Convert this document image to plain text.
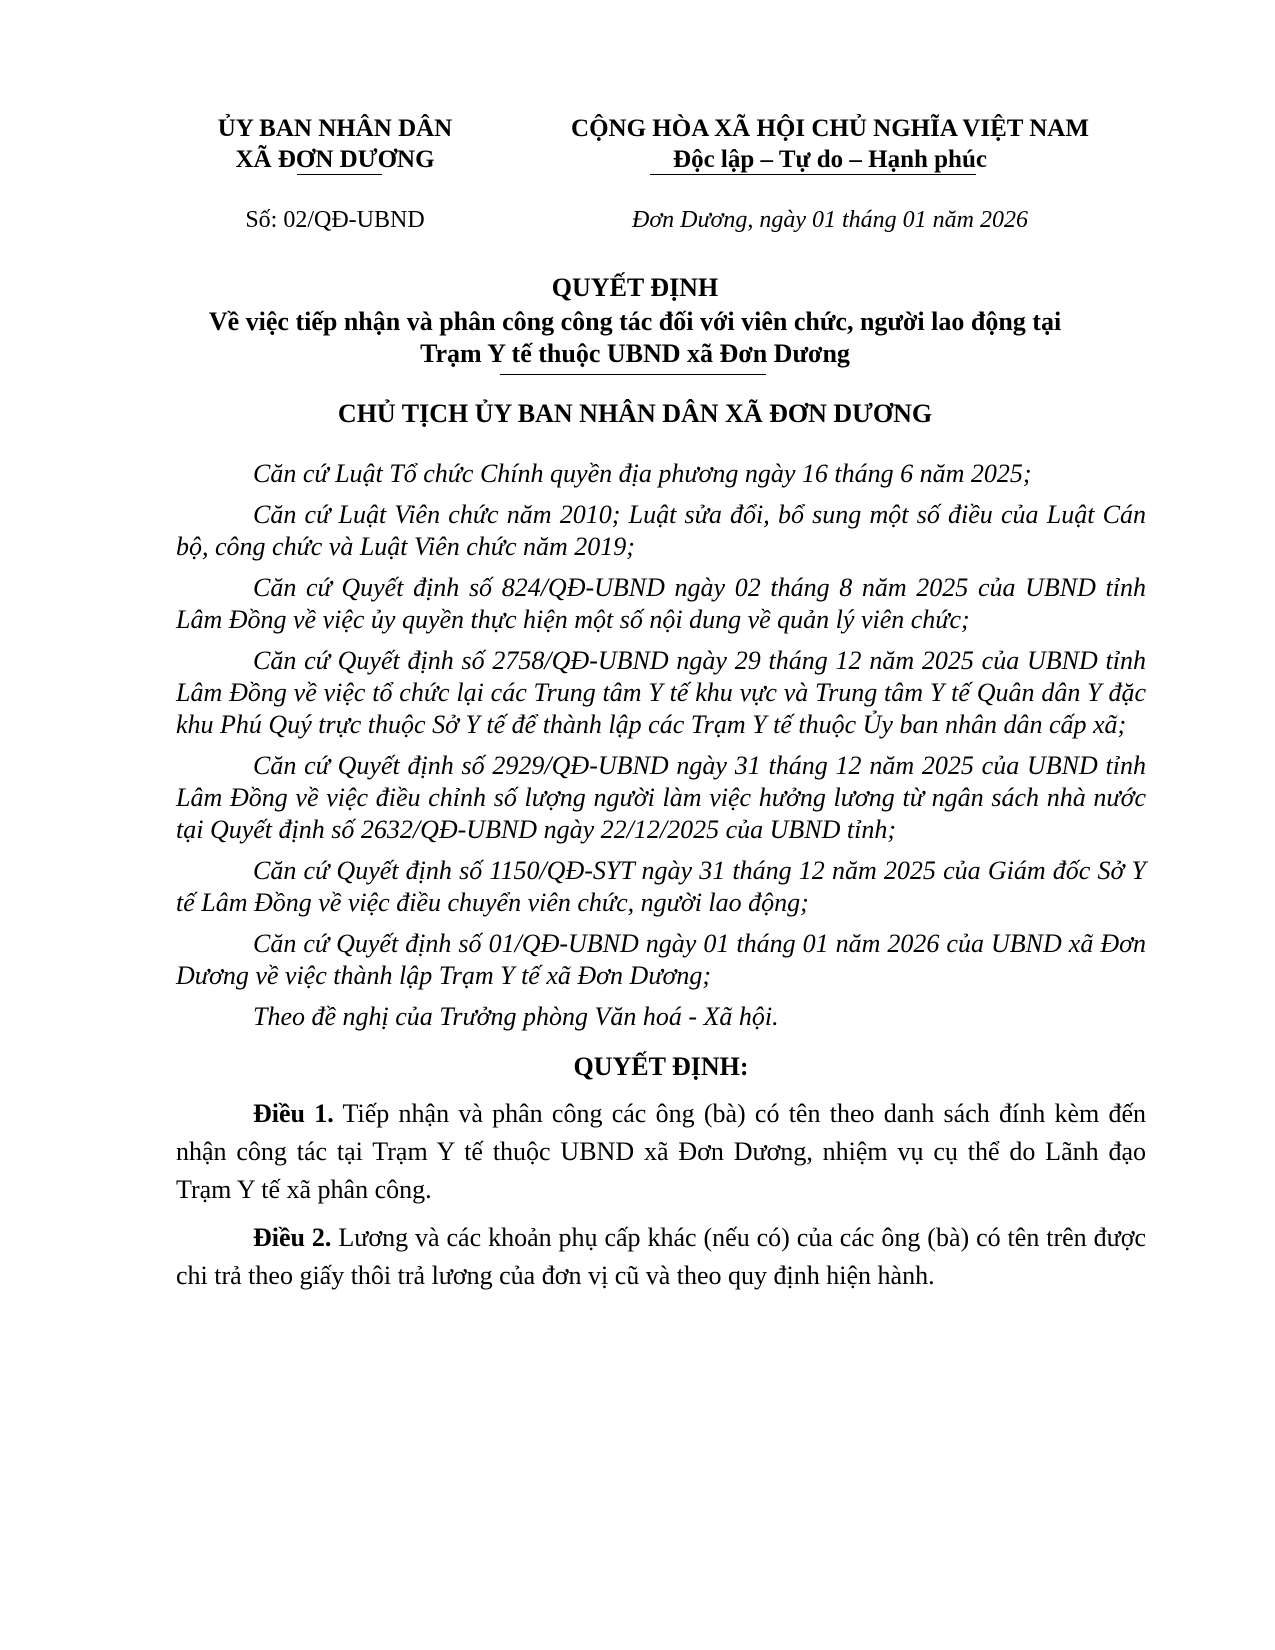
ỦY BAN NHÂN DÂN
XÃ ĐƠN DƯƠNG
CỘNG HÒA XÃ HỘI CHỦ NGHĨA VIỆT NAM
Độc lập – Tự do – Hạnh phúc
Số: 02/QĐ-UBND	Đơn Dương, ngày 01 tháng 01 năm 2026
QUYẾT ĐỊNH
Về việc tiếp nhận và phân công công tác đối với viên chức, người lao động tại
Trạm Y tế thuộc UBND xã Đơn Dương
CHỦ TỊCH ỦY BAN NHÂN DÂN XÃ ĐƠN DƯƠNG

Căn cứ Luật Tổ chức Chính quyền địa phương ngày 16 tháng 6 năm 2025;

Căn cứ Luật Viên chức năm 2010; Luật sửa đổi, bổ sung một số điều của Luật Cán bộ, công chức và Luật Viên chức năm 2019;

Căn cứ Quyết định số 824/QĐ-UBND ngày 02 tháng 8 năm 2025 của UBND tỉnh Lâm Đồng về việc ủy quyền thực hiện một số nội dung về quản lý viên chức;

Căn cứ Quyết định số 2758/QĐ-UBND ngày 29 tháng 12 năm 2025 của UBND tỉnh Lâm Đồng về việc tổ chức lại các Trung tâm Y tế khu vực và Trung tâm Y tế Quân dân Y đặc khu Phú Quý trực thuộc Sở Y tế để thành lập các Trạm Y tế thuộc Ủy ban nhân dân cấp xã;

Căn cứ Quyết định số 2929/QĐ-UBND ngày 31 tháng 12 năm 2025 của UBND tỉnh Lâm Đồng về việc điều chỉnh số lượng người làm việc hưởng lương từ ngân sách nhà nước tại Quyết định số 2632/QĐ-UBND ngày 22/12/2025 của UBND tỉnh;

Căn cứ Quyết định số 1150/QĐ-SYT ngày 31 tháng 12 năm 2025 của Giám đốc Sở Y tế Lâm Đồng về việc điều chuyển viên chức, người lao động;

Căn cứ Quyết định số 01/QĐ-UBND ngày 01 tháng 01 năm 2026 của UBND xã Đơn Dương về việc thành lập Trạm Y tế xã Đơn Dương;

Theo đề nghị của Trưởng phòng Văn hoá - Xã hội.

QUYẾT ĐỊNH:

Điều 1. Tiếp nhận và phân công các ông (bà) có tên theo danh sách đính kèm đến nhận công tác tại Trạm Y tế thuộc UBND xã Đơn Dương, nhiệm vụ cụ thể do Lãnh đạo Trạm Y tế xã phân công.

Điều 2. Lương và các khoản phụ cấp khác (nếu có) của các ông (bà) có tên trên được chi trả theo giấy thôi trả lương của đơn vị cũ và theo quy định hiện hành.
